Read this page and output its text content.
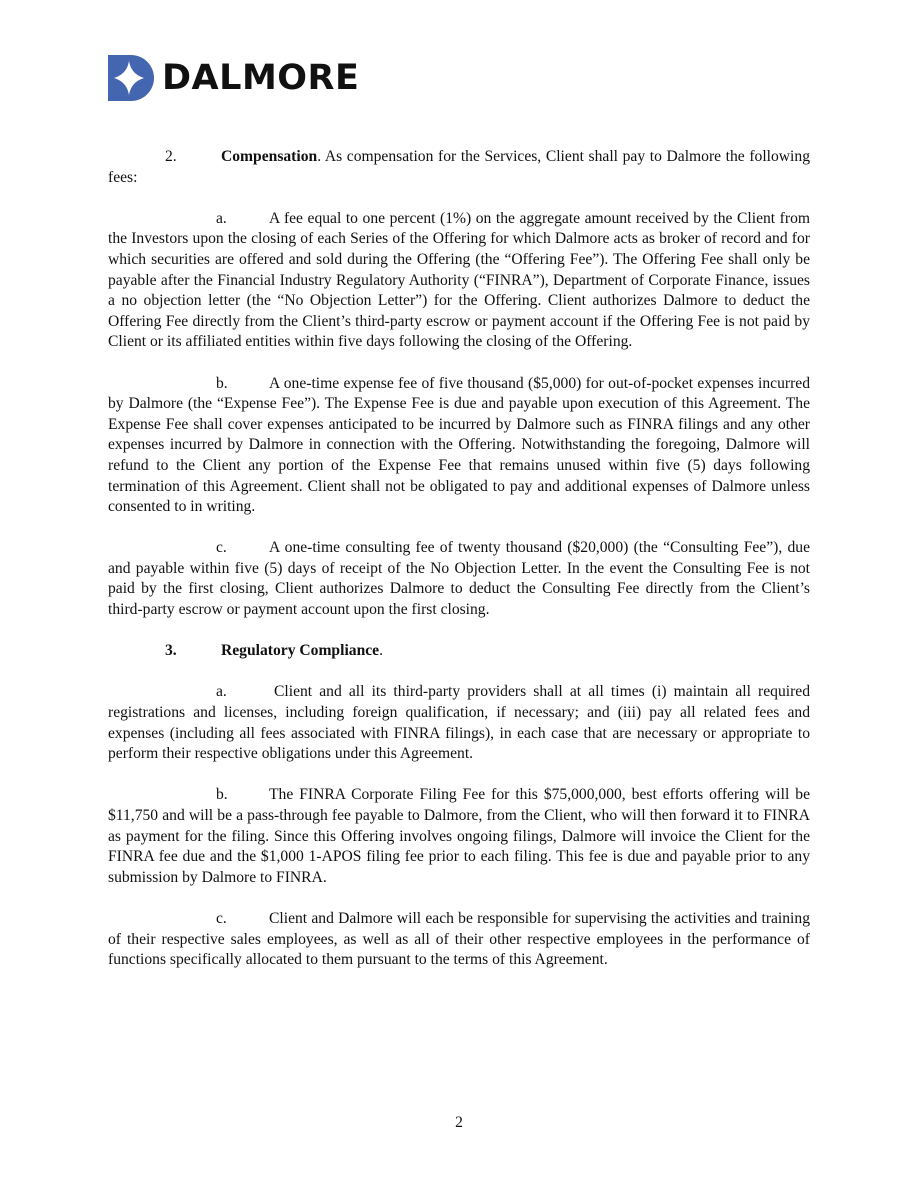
DALMORE

2.	Compensation. As compensation for the Services, Client shall pay to Dalmore the following fees:

a.	A fee equal to one percent (1%) on the aggregate amount received by the Client from the Investors upon the closing of each Series of the Offering for which Dalmore acts as broker of record and for which securities are offered and sold during the Offering (the “Offering Fee”). The Offering Fee shall only be payable after the Financial Industry Regulatory Authority (“FINRA”), Department of Corporate Finance, issues a no objection letter (the “No Objection Letter”) for the Offering. Client authorizes Dalmore to deduct the Offering Fee directly from the Client’s third-party escrow or payment account if the Offering Fee is not paid by Client or its affiliated entities within five days following the closing of the Offering.

b.	A one-time expense fee of five thousand ($5,000) for out-of-pocket expenses incurred by Dalmore (the “Expense Fee”). The Expense Fee is due and payable upon execution of this Agreement. The Expense Fee shall cover expenses anticipated to be incurred by Dalmore such as FINRA filings and any other expenses incurred by Dalmore in connection with the Offering. Notwithstanding the foregoing, Dalmore will refund to the Client any portion of the Expense Fee that remains unused within five (5) days following termination of this Agreement. Client shall not be obligated to pay and additional expenses of Dalmore unless consented to in writing.

c.	A one-time consulting fee of twenty thousand ($20,000) (the “Consulting Fee”), due and payable within five (5) days of receipt of the No Objection Letter. In the event the Consulting Fee is not paid by the first closing, Client authorizes Dalmore to deduct the Consulting Fee directly from the Client’s third-party escrow or payment account upon the first closing.

3.	Regulatory Compliance.

a.	Client and all its third-party providers shall at all times (i) maintain all required registrations and licenses, including foreign qualification, if necessary; and (iii) pay all related fees and expenses (including all fees associated with FINRA filings), in each case that are necessary or appropriate to perform their respective obligations under this Agreement.

b.	The FINRA Corporate Filing Fee for this $75,000,000, best efforts offering will be $11,750 and will be a pass-through fee payable to Dalmore, from the Client, who will then forward it to FINRA as payment for the filing. Since this Offering involves ongoing filings, Dalmore will invoice the Client for the FINRA fee due and the $1,000 1-APOS filing fee prior to each filing. This fee is due and payable prior to any submission by Dalmore to FINRA.

c.	Client and Dalmore will each be responsible for supervising the activities and training of their respective sales employees, as well as all of their other respective employees in the performance of functions specifically allocated to them pursuant to the terms of this Agreement.

2
